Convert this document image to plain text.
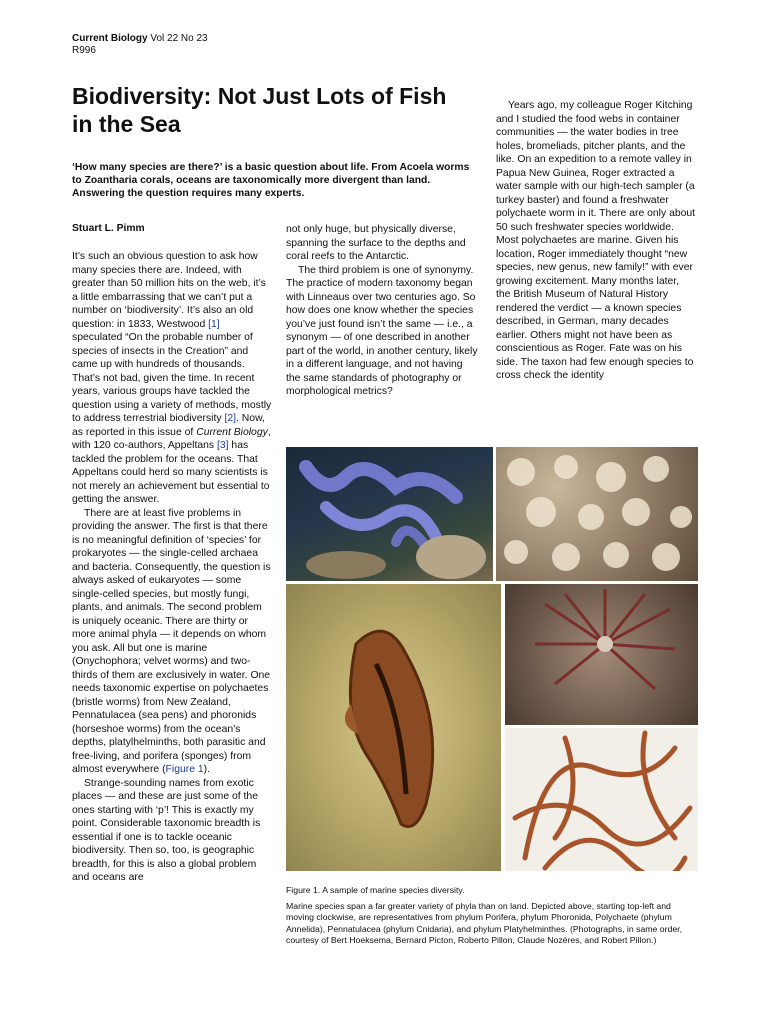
Current Biology Vol 22 No 23
R996
Biodiversity: Not Just Lots of Fish in the Sea

‘How many species are there?’ is a basic question about life. From Acoela worms to Zoantharia corals, oceans are taxonomically more divergent than land. Answering the question requires many experts.

Stuart L. Pimm

It’s such an obvious question to ask how many species there are. Indeed, with greater than 50 million hits on the web, it’s a little embarrassing that we can’t put a number on ‘biodiversity’. It’s also an old question: in 1833, Westwood [1] speculated “On the probable number of species of insects in the Creation” and came up with hundreds of thousands. That’s not bad, given the time. In recent years, various groups have tackled the question using a variety of methods, mostly to address terrestrial biodiversity [2]. Now, as reported in this issue of Current Biology, with 120 co-authors, Appeltans [3] has tackled the problem for the oceans. That Appeltans could herd so many scientists is not merely an achievement but essential to getting the answer.

There are at least five problems in providing the answer. The first is that there is no meaningful definition of ‘species’ for prokaryotes — the single-celled archaea and bacteria. Consequently, the question is always asked of eukaryotes — some single-celled species, but mostly fungi, plants, and animals. The second problem is uniquely oceanic. There are thirty or more animal phyla — it depends on whom you ask. All but one is marine (Onychophora; velvet worms) and two-thirds of them are exclusively in water. One needs taxonomic expertise on polychaetes (bristle worms) from New Zealand, Pennatulacea (sea pens) and phoronids (horseshoe worms) from the ocean’s depths, platylhelminths, both parasitic and free-living, and porifera (sponges) from almost everywhere (Figure 1).

Strange-sounding names from exotic places — and these are just some of the ones starting with ‘p’! This is exactly my point. Considerable taxonomic breadth is essential if one is to tackle oceanic biodiversity. Then so, too, is geographic breadth, for this is also a global problem and oceans are

not only huge, but physically diverse, spanning the surface to the depths and coral reefs to the Antarctic.

The third problem is one of synonymy. The practice of modern taxonomy began with Linneaus over two centuries ago. So how does one know whether the species you’ve just found isn’t the same — i.e., a synonym — of one described in another part of the world, in another century, likely in a different language, and not having the same standards of photography or morphological metrics?

Years ago, my colleague Roger Kitching and I studied the food webs in container communities — the water bodies in tree holes, bromeliads, pitcher plants, and the like. On an expedition to a remote valley in Papua New Guinea, Roger extracted a water sample with our high-tech sampler (a turkey baster) and found a freshwater polychaete worm in it. There are only about 50 such freshwater species worldwide. Most polychaetes are marine. Given his location, Roger immediately thought “new species, new genus, new family!” with ever growing excitement. Many months later, the British Museum of Natural History rendered the verdict — a known species described, in German, many decades earlier. Others might not have been as conscientious as Roger. Fate was on his side. The taxon had few enough species to cross check the identity

Figure 1. A sample of marine species diversity.

Marine species span a far greater variety of phyla than on land. Depicted above, starting top-left and moving clockwise, are representatives from phylum Porifera, phylum Phoronida, Polychaete (phylum Annelida), Pennatulacea (phylum Cnidaria), and phylum Platyhelminthes. (Photographs, in same order, courtesy of Bert Hoeksema, Bernard Picton, Roberto Pillon, Claude Nozères, and Robert Pillon.)
